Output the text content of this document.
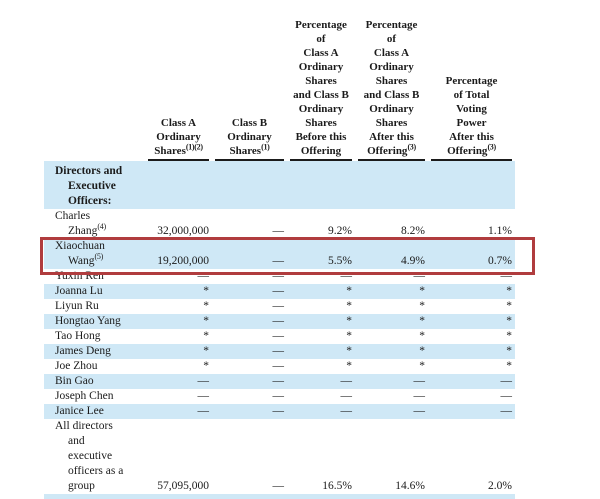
Class A
Ordinary
Shares$^{(1)(2)}$

Class B
Ordinary
Shares$^{(1)}$

Percentage
of
Class A
Ordinary
Shares
and Class B
Ordinary
Shares
Before this
Offering

Percentage
of
Class A
Ordinary
Shares
and Class B
Ordinary
Shares
After this
Offering$^{(3)}$

Percentage
of Total
Voting
Power
After this
Offering$^{(3)}$

Directors and
Executive
Officers:					

Charles
Zhang$^{(4)}$	32,000,000	—	9.2%	8.2%	1.1%

Xiaochuan
Wang$^{(5)}$	19,200,000	—	5.5%	4.9%	0.7%

Yuxin Ren	—	—	—	—	—

Joanna Lu	*	—	*	*	*

Liyun Ru	*	—	*	*	*

Hongtao Yang	*	—	*	*	*

Tao Hong	*	—	*	*	*

James Deng	*	—	*	*	*

Joe Zhou	*	—	*	*	*

Bin Gao	—	—	—	—	—

Joseph Chen	—	—	—	—	—

Janice Lee	—	—	—	—	—

All directors
and
executive
officers as a
group	57,095,000	—	16.5%	14.6%	2.0%
